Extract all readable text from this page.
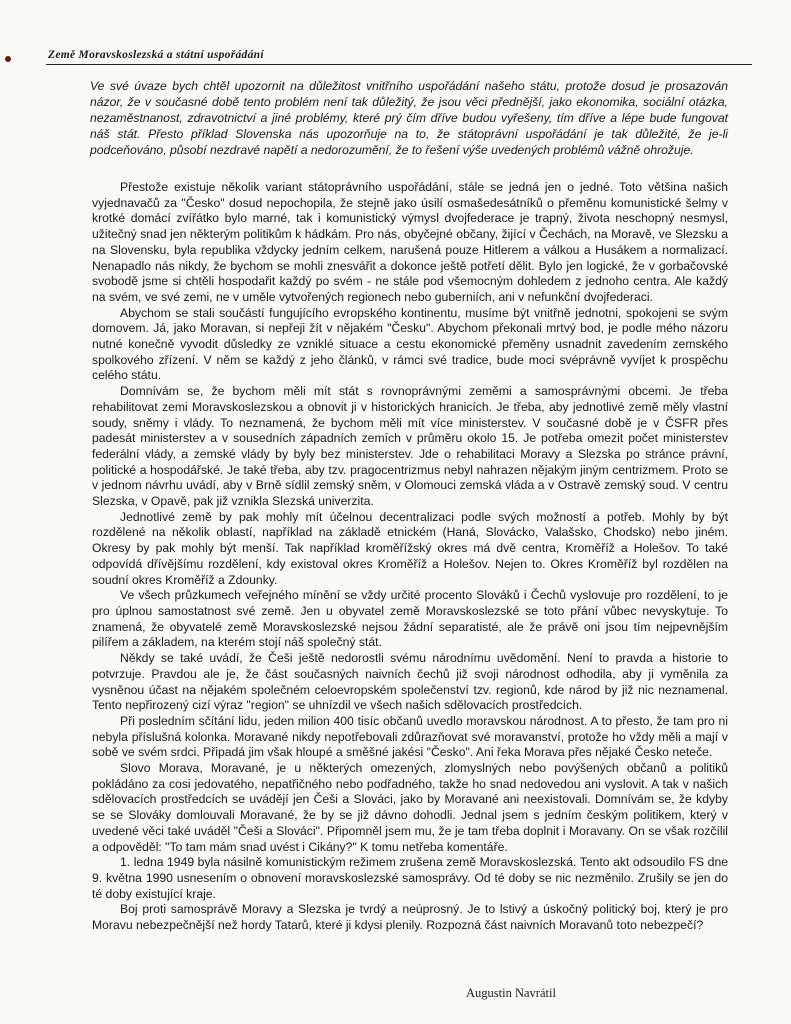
Země Moravskoslezská a státní uspořádání

Ve své úvaze bych chtěl upozornit na důležitost vnitřního uspořádání našeho státu, protože dosud je prosazován názor, že v současné době tento problém není tak důležitý, že jsou věci přednější, jako ekonomika, sociální otázka, nezaměstnanost, zdravotnictví a jiné problémy, které prý čím dříve budou vyřešeny, tím dříve a lépe bude fungovat náš stát. Přesto příklad Slovenska nás upozorňuje na to, že státoprávní uspořádání je tak důležité, že je-li podceňováno, působí nezdravé napětí a nedorozumění, že to řešení výše uvedených problémů vážně ohrožuje.

Přestože existuje několik variant státoprávního uspořádání, stále se jedná jen o jedné. Toto většina našich vyjednavačů za "Česko" dosud nepochopila, že stejně jako úsilí osmašedesátníků o přeměnu komunistické šelmy v krotké domácí zvířátko bylo marné, tak i komunistický výmysl dvojfederace je trapný, života neschopný nesmysl, užitečný snad jen některým politikům k hádkám. Pro nás, obyčejné občany, žijící v Čechách, na Moravě, ve Slezsku a na Slovensku, byla republika vždycky jedním celkem, narušená pouze Hitlerem a válkou a Husákem a normalizací. Nenapadlo nás nikdy, že bychom se mohli znesvářit a dokonce ještě potřetí dělit. Bylo jen logické, že v gorbačovské svobodě jsme si chtěli hospodařit každý po svém - ne stále pod všemocným dohledem z jednoho centra. Ale každý na svém, ve své zemi, ne v uměle vytvořených regionech nebo guberniích, ani v nefunkční dvojfederaci.

Abychom se stali součástí fungujícího evropského kontinentu, musíme být vnitřně jednotni, spokojeni se svým domovem. Já, jako Moravan, si nepřeji žít v nějakém "Česku". Abychom překonali mrtvý bod, je podle mého názoru nutné konečně vyvodit důsledky ze vzniklé situace a cestu ekonomické přeměny usnadnit zavedením zemského spolkového zřízení. V něm se každý z jeho článků, v rámci své tradice, bude moci svéprávně vyvíjet k prospěchu celého státu.

Domnívám se, že bychom měli mít stát s rovnoprávnými zeměmi a samosprávnými obcemi. Je třeba rehabilitovat zemi Moravskoslezskou a obnovit ji v historických hranicích. Je třeba, aby jednotlivé země měly vlastní soudy, sněmy i vlády. To neznamená, že bychom měli mít více ministerstev. V současné době je v ČSFR přes padesát ministerstev a v sousedních západních zemích v průměru okolo 15. Je potřeba omezit počet ministerstev federální vlády, a zemské vlády by byly bez ministerstev. Jde o rehabilitaci Moravy a Slezska po stránce právní, politické a hospodářské. Je také třeba, aby tzv. pragocentrizmus nebyl nahrazen nějakým jiným centrizmem. Proto se v jednom návrhu uvádí, aby v Brně sídlil zemský sněm, v Olomouci zemská vláda a v Ostravě zemský soud. V centru Slezska, v Opavě, pak již vznikla Slezská univerzita.

Jednotlivé země by pak mohly mít účelnou decentralizaci podle svých možností a potřeb. Mohly by být rozdělené na několik oblastí, například na základě etnickém (Haná, Slovácko, Valašsko, Chodsko) nebo jiném. Okresy by pak mohly být menší. Tak například kroměřížský okres má dvě centra, Kroměříž a Holešov. To také odpovídá dřívějšímu rozdělení, kdy existoval okres Kroměříž a Holešov. Nejen to. Okres Kroměříž byl rozdělen na soudní okres Kroměříž a Zdounky.

Ve všech průzkumech veřejného mínění se vždy určité procento Slováků i Čechů vyslovuje pro rozdělení, to je pro úplnou samostatnost své země. Jen u obyvatel země Moravskoslezské se toto přání vůbec nevyskytuje. To znamená, že obyvatelé země Moravskoslezské nejsou žádní separatisté, ale že právě oni jsou tím nejpevnějším pilířem a základem, na kterém stojí náš společný stát.

Někdy se také uvádí, že Češi ještě nedorostli svému národnímu uvědomění. Není to pravda a historie to potvrzuje. Pravdou ale je, že část současných naivních čechů již svoji národnost odhodila, aby ji vyměnila za vysněnou účast na nějakém společném celoevropském společenství tzv. regionů, kde národ by již nic neznamenal. Tento nepřirozený cizí výraz "region" se uhnízdil ve všech našich sdělovacích prostředcích.

Při posledním sčítání lidu, jeden milion 400 tisíc občanů uvedlo moravskou národnost. A to přesto, že tam pro ni nebyla příslušná kolonka. Moravané nikdy nepotřebovali zdůrazňovat své moravanství, protože ho vždy měli a mají v sobě ve svém srdci. Připadá jim však hloupé a směšné jakési "Česko". Ani řeka Morava přes nějaké Česko neteče.

Slovo Morava, Moravané, je u některých omezených, zlomyslných nebo povýšených občanů a politiků pokládáno za cosi jedovatého, nepatřičného nebo podřadného, takže ho snad nedovedou ani vyslovit. A tak v našich sdělovacích prostředcích se uvádějí jen Češi a Slováci, jako by Moravané ani neexistovali. Domnívám se, že kdyby se se Slováky domlouvali Moravané, že by se již dávno dohodli. Jednal jsem s jedním českým politikem, který v uvedené věci také uváděl "Češi a Slováci". Připomněl jsem mu, že je tam třeba doplnit i Moravany. On se však rozčílil a odpověděl: "To tam mám snad uvést i Cikány?" K tomu netřeba komentáře.

1. ledna 1949 byla násilně komunistickým režimem zrušena země Moravskoslezská. Tento akt odsoudilo FS dne 9. května 1990 usnesením o obnovení moravskoslezské samosprávy. Od té doby se nic nezměnilo. Zrušily se jen do té doby existující kraje.

Boj proti samosprávě Moravy a Slezska je tvrdý a neúprosný. Je to lstivý a úskočný politický boj, který je pro Moravu nebezpečnější než hordy Tatarů, které ji kdysi plenily. Rozpozná část naivních Moravanů toto nebezpečí?

Augustin Navrátil
